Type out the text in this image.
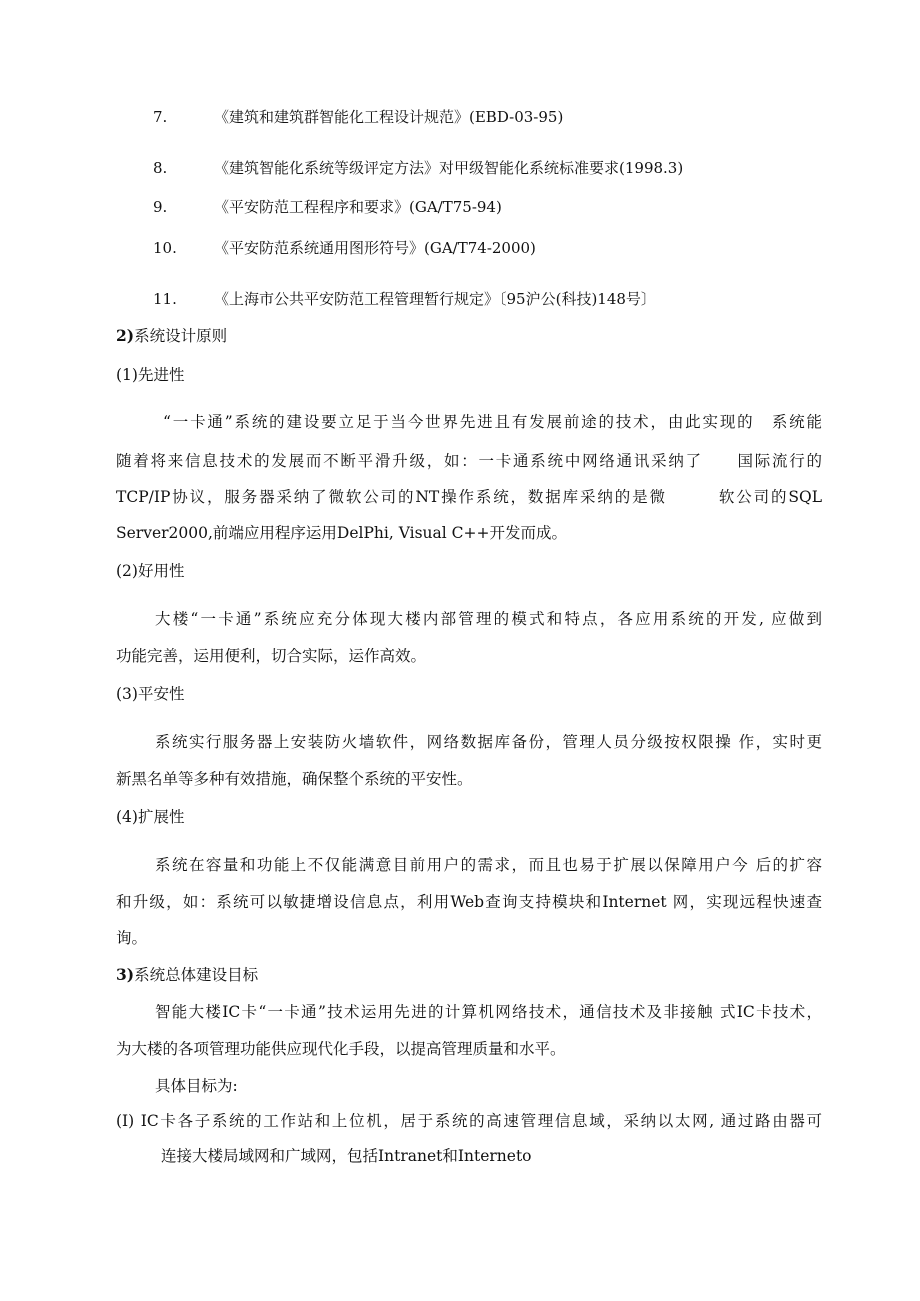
7.	《建筑和建筑群智能化工程设计规范》(EBD-03-95)
8.	《建筑智能化系统等级评定方法》对甲级智能化系统标准要求(1998.3)
9.	《平安防范工程程序和要求》(GA/T75-94)
10. 《平安防范系统通用图形符号》(GA/T74-2000)
11. 《上海市公共平安防范工程管理暂行规定》〔95沪公(科技)148号〕
2)系统设计原则
(1)先进性
“一卡通”系统的建设要立足于当今世界先进且有发展前途的技术，由此实现的　系统能
随着将来信息技术的发展而不断平滑升级，如：一卡通系统中网络通讯采纳了　　国际流行的
TCP/IP协议，服务器采纳了微软公司的NT操作系统，数据库采纳的是微　　　软公司的SQL
Server2000,前端应用程序运用DelPhi, Visual C++开发而成。
(2)好用性
大楼“一卡通”系统应充分体现大楼内部管理的模式和特点，各应用系统的开发, 应做到
功能完善，运用便利，切合实际，运作高效。
(3)平安性
系统实行服务器上安装防火墙软件，网络数据库备份，管理人员分级按权限操 作，实时更
新黑名单等多种有效措施，确保整个系统的平安性。
(4)扩展性
系统在容量和功能上不仅能满意目前用户的需求，而且也易于扩展以保障用户今 后的扩容
和升级，如：系统可以敏捷增设信息点，利用Web查询支持模块和Internet 网，实现远程快速查
询。
3)系统总体建设目标
智能大楼IC卡“一卡通”技术运用先进的计算机网络技术，通信技术及非接触 式IC卡技术，
为大楼的各项管理功能供应现代化手段，以提高管理质量和水平。
具体目标为:
(I) IC卡各子系统的工作站和上位机，居于系统的高速管理信息域，采纳以太网, 通过路由器可
连接大楼局域网和广域网，包括Intranet和Interneto
